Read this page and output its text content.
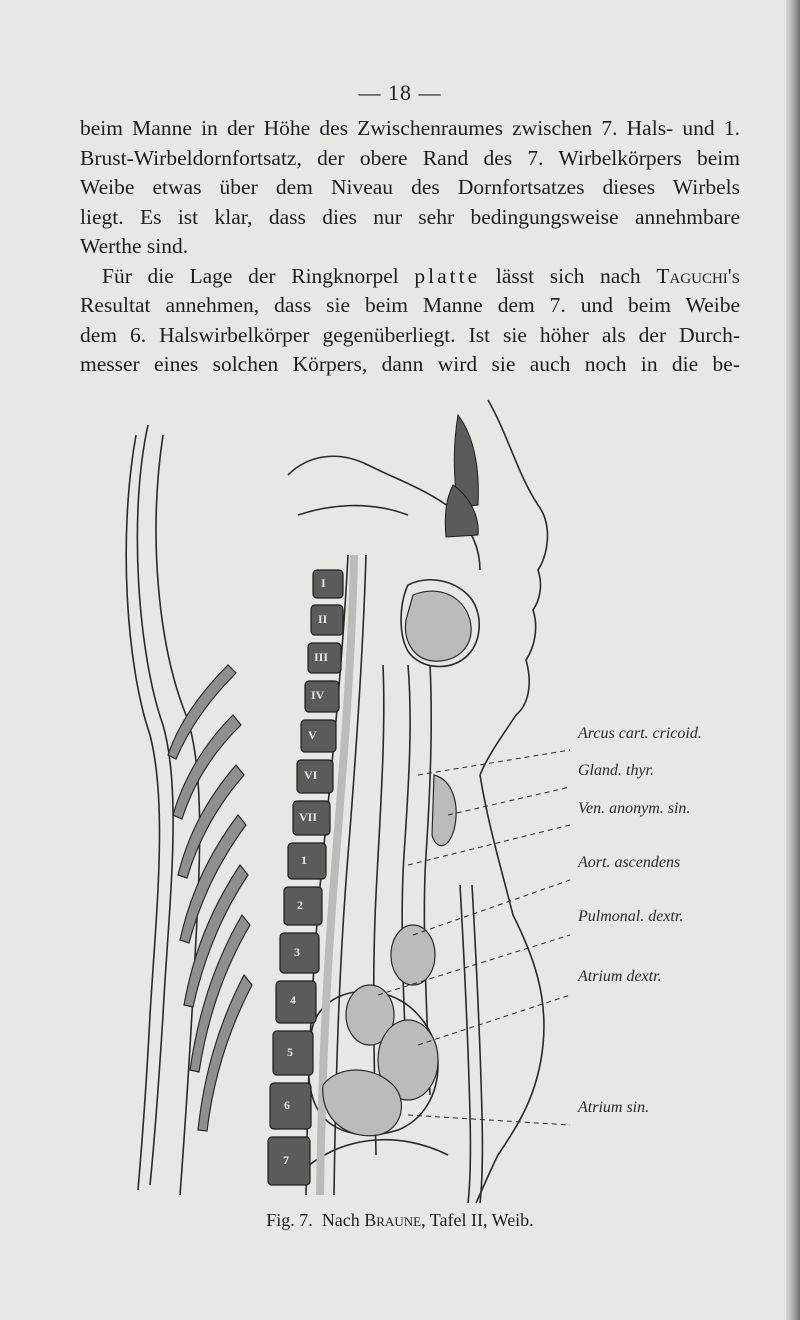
— 18 —

beim Manne in der Höhe des Zwischenraumes zwischen 7. Hals- und 1.
Brust-Wirbeldornfortsatz, der obere Rand des 7. Wirbelkörpers beim
Weibe etwas über dem Niveau des Dornfortsatzes dieses Wirbels
liegt. Es ist klar, dass dies nur sehr bedingungsweise annehmbare
Werthe sind.

Für die Lage der Ringknorpel platte lässt sich nach Taguchi's
Resultat annehmen, dass sie beim Manne dem 7. und beim Weibe
dem 6. Halswirbelkörper gegenüberliegt. Ist sie höher als der Durch-
messer eines solchen Körpers, dann wird sie auch noch in die be-

I
II
III
IV
V
VI
VII
1
2
3
4
5
6
7
Arcus cart. cricoid.
Gland. thyr.
Ven. anonym. sin.
Aort. ascendens
Pulmonal. dextr.
Atrium dextr.
Atrium sin.
Fig. 7. Nach Braune, Tafel II, Weib.
